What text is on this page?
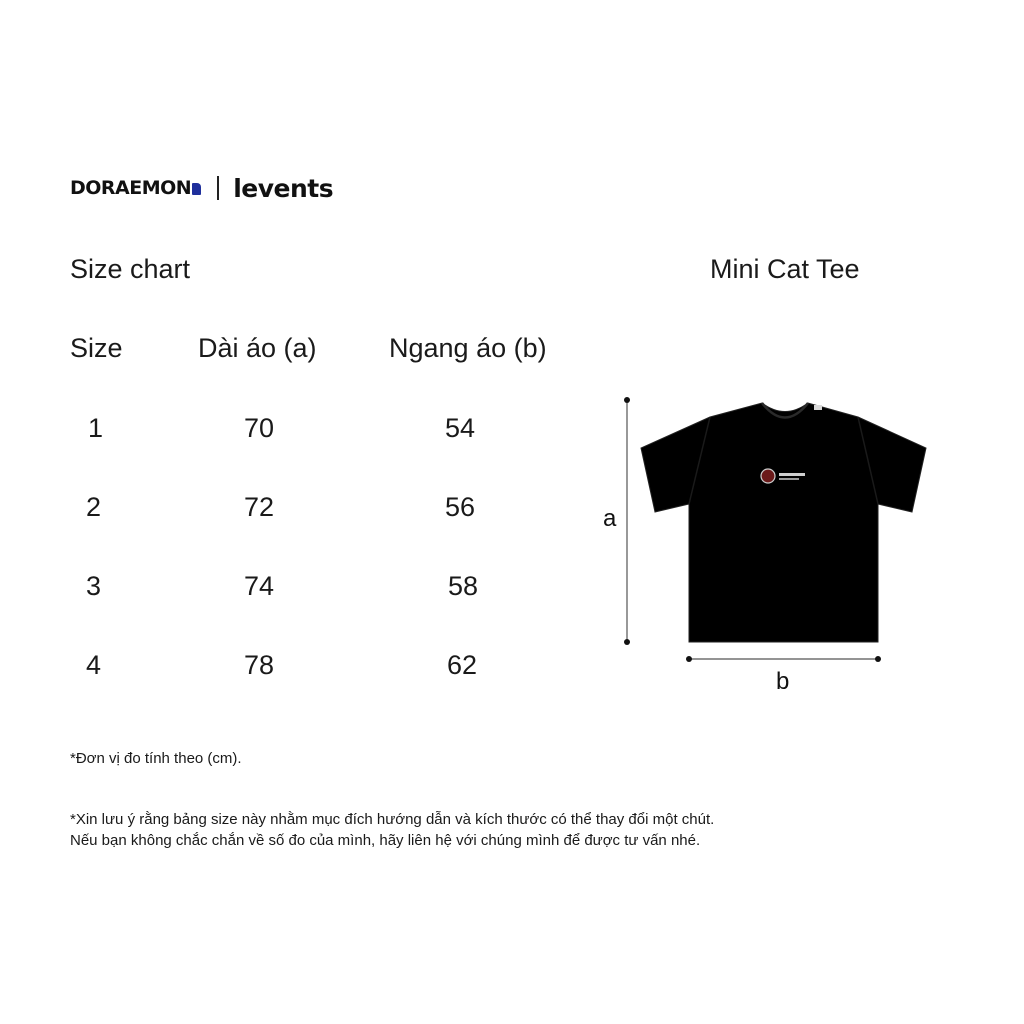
DORAEMON	levents
Size chart	Mini Cat Tee
Size	Dài áo (a)	Ngang áo (b)
1	70	54
2	72	56
3	74	58
4	78	62
a
b
*Đơn vị đo tính theo (cm).
*Xin lưu ý rằng bảng size này nhằm mục đích hướng dẫn và kích thước có thể thay đổi một chút.
Nếu bạn không chắc chắn về số đo của mình, hãy liên hệ với chúng mình để được tư vấn nhé.
